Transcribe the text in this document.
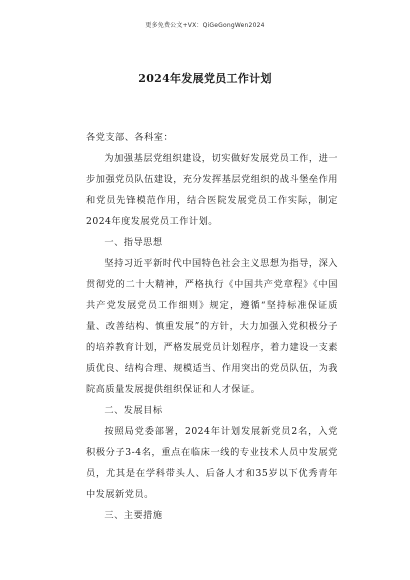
更多免费公文+VX：QiGeGongWen2024
2024年发展党员工作计划

各党支部、各科室：

为加强基层党组织建设，切实做好发展党员工作，进一步加强党员队伍建设，充分发挥基层党组织的战斗堡垒作用和党员先锋模范作用，结合医院发展党员工作实际，制定2024年度发展党员工作计划。

一、指导思想

坚持习近平新时代中国特色社会主义思想为指导，深入贯彻党的二十大精神，严格执行《中国共产党章程》《中国共产党发展党员工作细则》规定，遵循“坚持标准保证质量、改善结构、慎重发展”的方针，大力加强入党积极分子的培养教育计划，严格发展党员计划程序，着力建设一支素质优良、结构合理、规模适当、作用突出的党员队伍，为我院高质量发展提供组织保证和人才保证。

二、发展目标

按照局党委部署，2024年计划发展新党员2名，入党积极分子3-4名，重点在临床一线的专业技术人员中发展党员，尤其是在学科带头人、后备人才和35岁以下优秀青年中发展新党员。

三、主要措施
